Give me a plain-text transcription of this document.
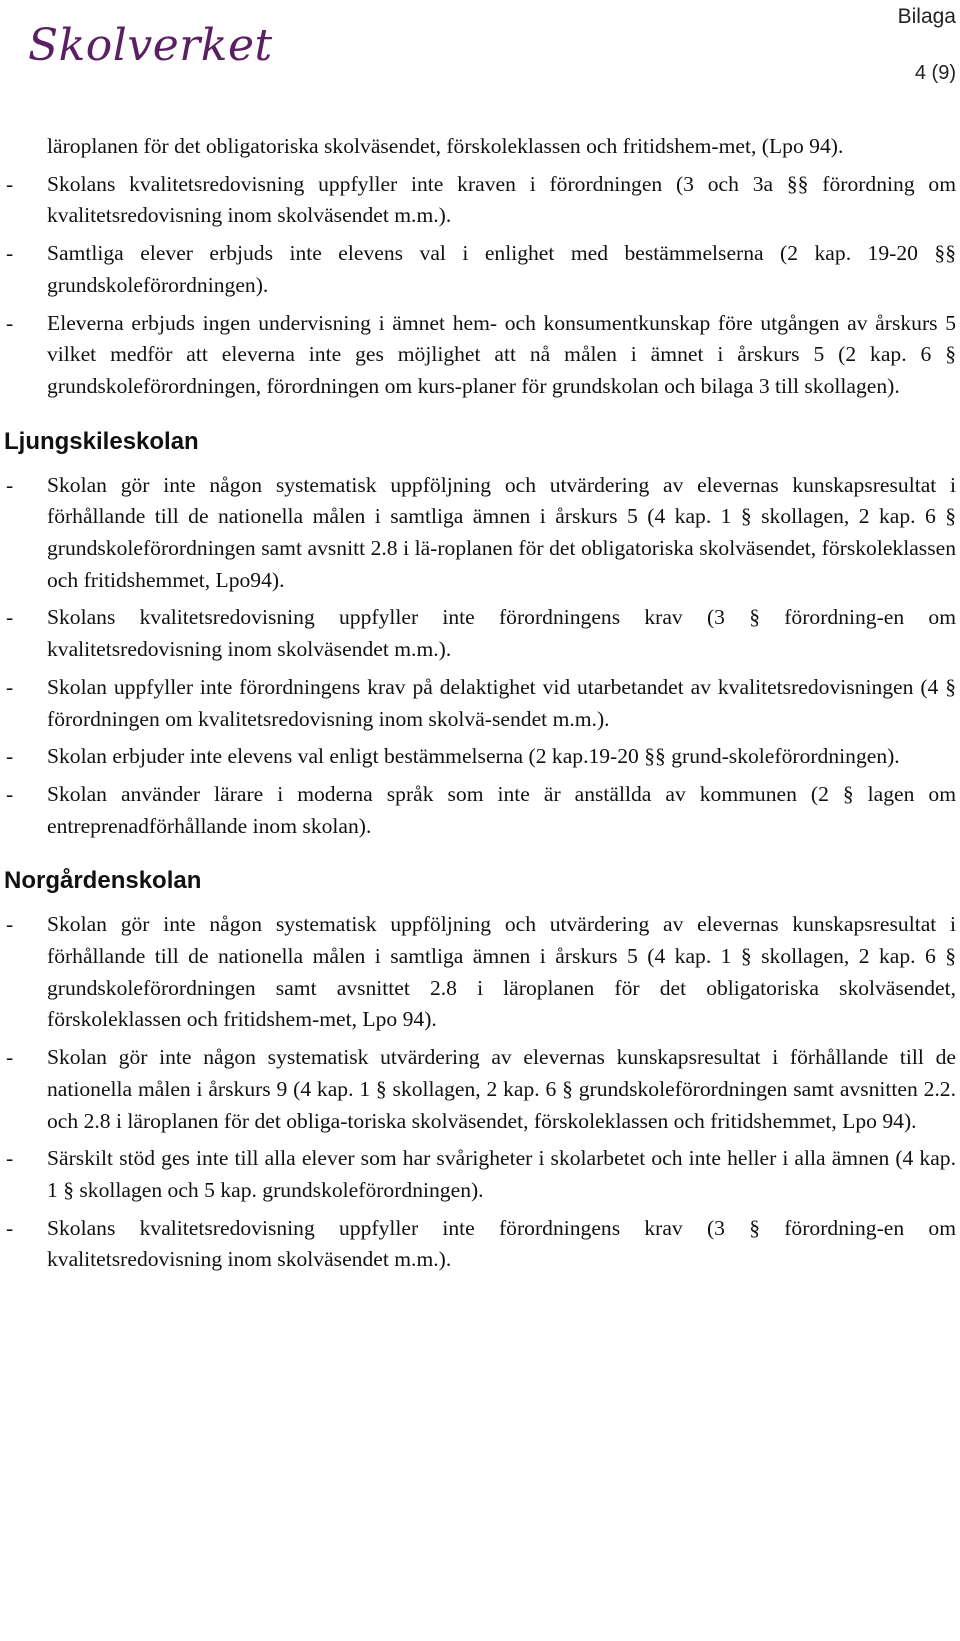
Skolverket
Bilaga
4 (9)

läroplanen för det obligatoriska skolväsendet, förskoleklassen och fritidshem-met, (Lpo 94).

- Skolans kvalitetsredovisning uppfyller inte kraven i förordningen (3 och 3a §§ förordning om kvalitetsredovisning inom skolväsendet m.m.).
- Samtliga elever erbjuds inte elevens val i enlighet med bestämmelserna (2 kap. 19-20 §§ grundskoleförordningen).
- Eleverna erbjuds ingen undervisning i ämnet hem- och konsumentkunskap före utgången av årskurs 5 vilket medför att eleverna inte ges möjlighet att nå målen i ämnet i årskurs 5 (2 kap. 6 § grundskoleförordningen, förordningen om kurs-planer för grundskolan och bilaga 3 till skollagen).
Ljungskileskolan
- Skolan gör inte någon systematisk uppföljning och utvärdering av elevernas kunskapsresultat i förhållande till de nationella målen i samtliga ämnen i årskurs 5 (4 kap. 1 § skollagen, 2 kap. 6 § grundskoleförordningen samt avsnitt 2.8 i lä-roplanen för det obligatoriska skolväsendet, förskoleklassen och fritidshemmet, Lpo94).
- Skolans kvalitetsredovisning uppfyller inte förordningens krav (3 § förordning-en om kvalitetsredovisning inom skolväsendet m.m.).
- Skolan uppfyller inte förordningens krav på delaktighet vid utarbetandet av kvalitetsredovisningen (4 § förordningen om kvalitetsredovisning inom skolvä-sendet m.m.).
- Skolan erbjuder inte elevens val enligt bestämmelserna (2 kap.19-20 §§ grund-skoleförordningen).
- Skolan använder lärare i moderna språk som inte är anställda av kommunen (2 § lagen om entreprenadförhållande inom skolan).
Norgårdenskolan
- Skolan gör inte någon systematisk uppföljning och utvärdering av elevernas kunskapsresultat i förhållande till de nationella målen i samtliga ämnen i årskurs 5 (4 kap. 1 § skollagen, 2 kap. 6 § grundskoleförordningen samt avsnittet 2.8 i läroplanen för det obligatoriska skolväsendet, förskoleklassen och fritidshem-met, Lpo 94).
- Skolan gör inte någon systematisk utvärdering av elevernas kunskapsresultat i förhållande till de nationella målen i årskurs 9 (4 kap. 1 § skollagen, 2 kap. 6 § grundskoleförordningen samt avsnitten 2.2. och 2.8 i läroplanen för det obliga-toriska skolväsendet, förskoleklassen och fritidshemmet, Lpo 94).
- Särskilt stöd ges inte till alla elever som har svårigheter i skolarbetet och inte heller i alla ämnen (4 kap. 1 § skollagen och 5 kap. grundskoleförordningen).
- Skolans kvalitetsredovisning uppfyller inte förordningens krav (3 § förordning-en om kvalitetsredovisning inom skolväsendet m.m.).
